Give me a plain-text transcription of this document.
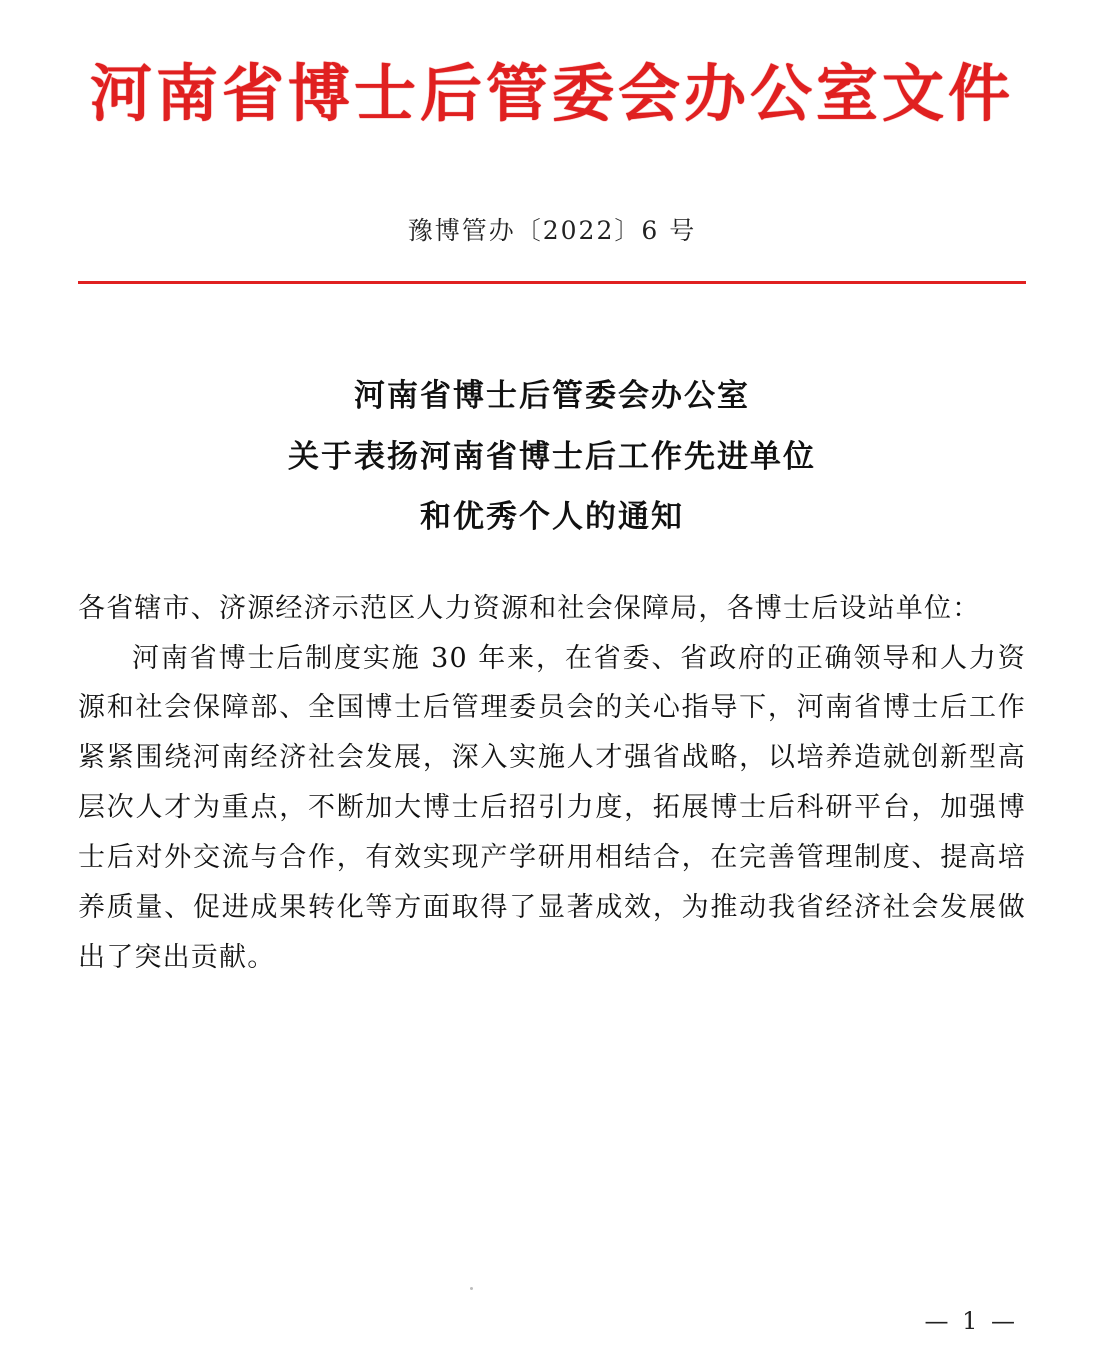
河南省博士后管委会办公室文件
豫博管办〔2022〕6 号
河南省博士后管委会办公室
关于表扬河南省博士后工作先进单位
和优秀个人的通知

各省辖市、济源经济示范区人力资源和社会保障局，各博士后设站单位：

河南省博士后制度实施 30 年来，在省委、省政府的正确领导和人力资源和社会保障部、全国博士后管理委员会的关心指导下，河南省博士后工作紧紧围绕河南经济社会发展，深入实施人才强省战略，以培养造就创新型高层次人才为重点，不断加大博士后招引力度，拓展博士后科研平台，加强博士后对外交流与合作，有效实现产学研用相结合，在完善管理制度、提高培养质量、促进成果转化等方面取得了显著成效，为推动我省经济社会发展做出了突出贡献。

— 1 —
